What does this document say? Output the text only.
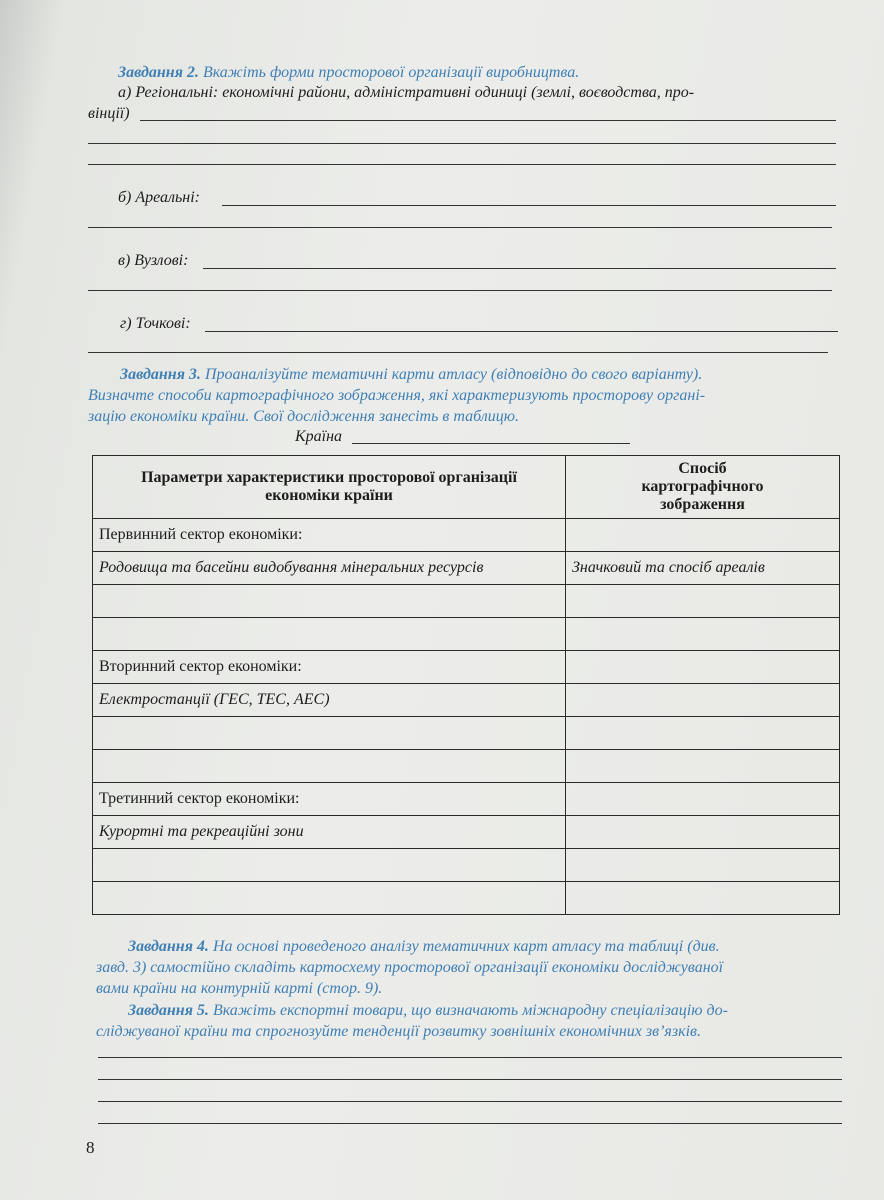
Завдання 2. Вкажіть форми просторової організації виробництва.
а) Регіональні: економічні райони, адміністративні одиниці (землі, воєводства, про-
вінції)
б) Ареальні:
в) Вузлові:
г) Точкові:
Завдання 3. Проаналізуйте тематичні карти атласу (відповідно до свого варіанту).
Визначте способи картографічного зображення, які характеризують просторову органі-
зацію економіки країни. Свої дослідження занесіть в таблицю.
Країна
Параметри характеристики просторової організації економіки країни	Спосіб картографічного зображення
Первинний сектор економіки:	
Родовища та басейни видобування мінеральних ресурсів	Значковий та спосіб ареалів

Вторинний сектор економіки:	
Електростанції (ГЕС, ТЕС, АЕС)	

Третинний сектор економіки:	
Курортні та рекреаційні зони	

Завдання 4. На основі проведеного аналізу тематичних карт атласу та таблиці (див.
завд. 3) самостійно складіть картосхему просторової організації економіки досліджуваної
вами країни на контурній карті (стор. 9).
Завдання 5. Вкажіть експортні товари, що визначають міжнародну спеціалізацію до-
сліджуваної країни та спрогнозуйте тенденції розвитку зовнішніх економічних зв’язків.
8
